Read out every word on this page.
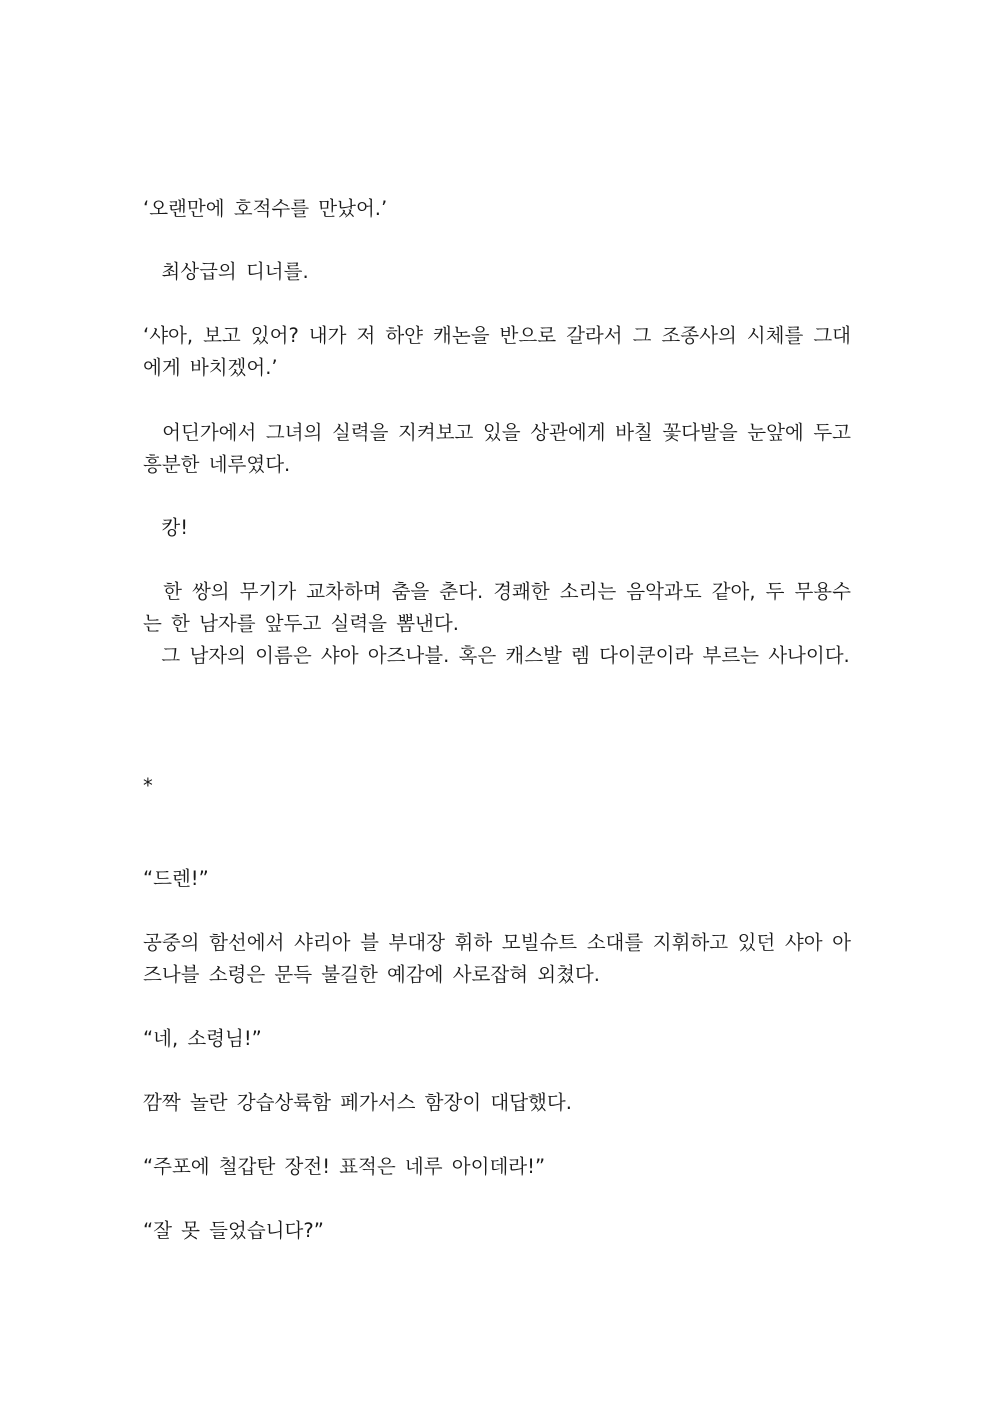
‘오랜만에 호적수를 만났어.’

최상급의 디너를.

‘샤아, 보고 있어? 내가 저 하얀 캐논을 반으로 갈라서 그 조종사의 시체를 그대에게 바치겠어.’

어딘가에서 그녀의 실력을 지켜보고 있을 상관에게 바칠 꽃다발을 눈앞에 두고 흥분한 네루였다.

캉!

한 쌍의 무기가 교차하며 춤을 춘다. 경쾌한 소리는 음악과도 같아, 두 무용수는 한 남자를 앞두고 실력을 뽐낸다.

그 남자의 이름은 샤아 아즈나블. 혹은 캐스발 렘 다이쿤이라 부르는 사나이다.

*

“드렌!”

공중의 함선에서 샤리아 블 부대장 휘하 모빌슈트 소대를 지휘하고 있던 샤아 아즈나블 소령은 문득 불길한 예감에 사로잡혀 외쳤다.

“네, 소령님!”

깜짝 놀란 강습상륙함 페가서스 함장이 대답했다.

“주포에 철갑탄 장전! 표적은 네루 아이데라!”

“잘 못 들었습니다?”
